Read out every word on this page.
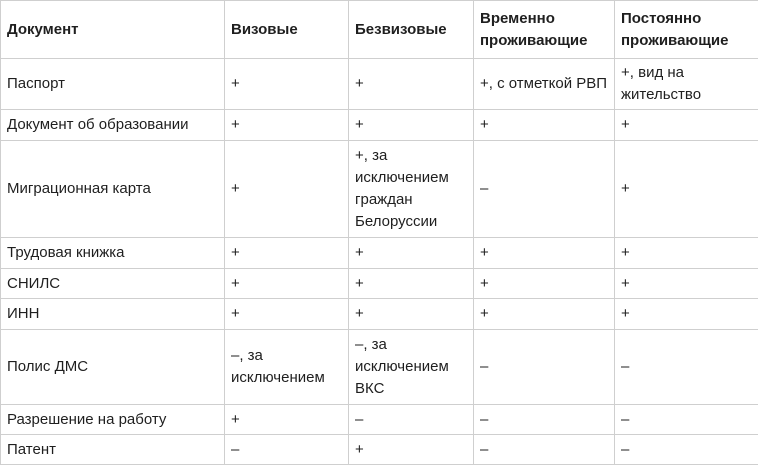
Документ	Визовые	Безвизовые	Временно проживающие	Постоянно проживающие
Паспорт	+	+	+, с отметкой РВП	+, вид на жительство
Документ об образовании	+	+	+	+
Миграционная карта	+	+, за исключением граждан Белоруссии	–	+
Трудовая книжка	+	+	+	+
СНИЛС	+	+	+	+
ИНН	+	+	+	+
Полис ДМС	–, за исключением	–, за исключением ВКС	–	–
Разрешение на работу	+	–	–	–
Патент	–	+	–	–
